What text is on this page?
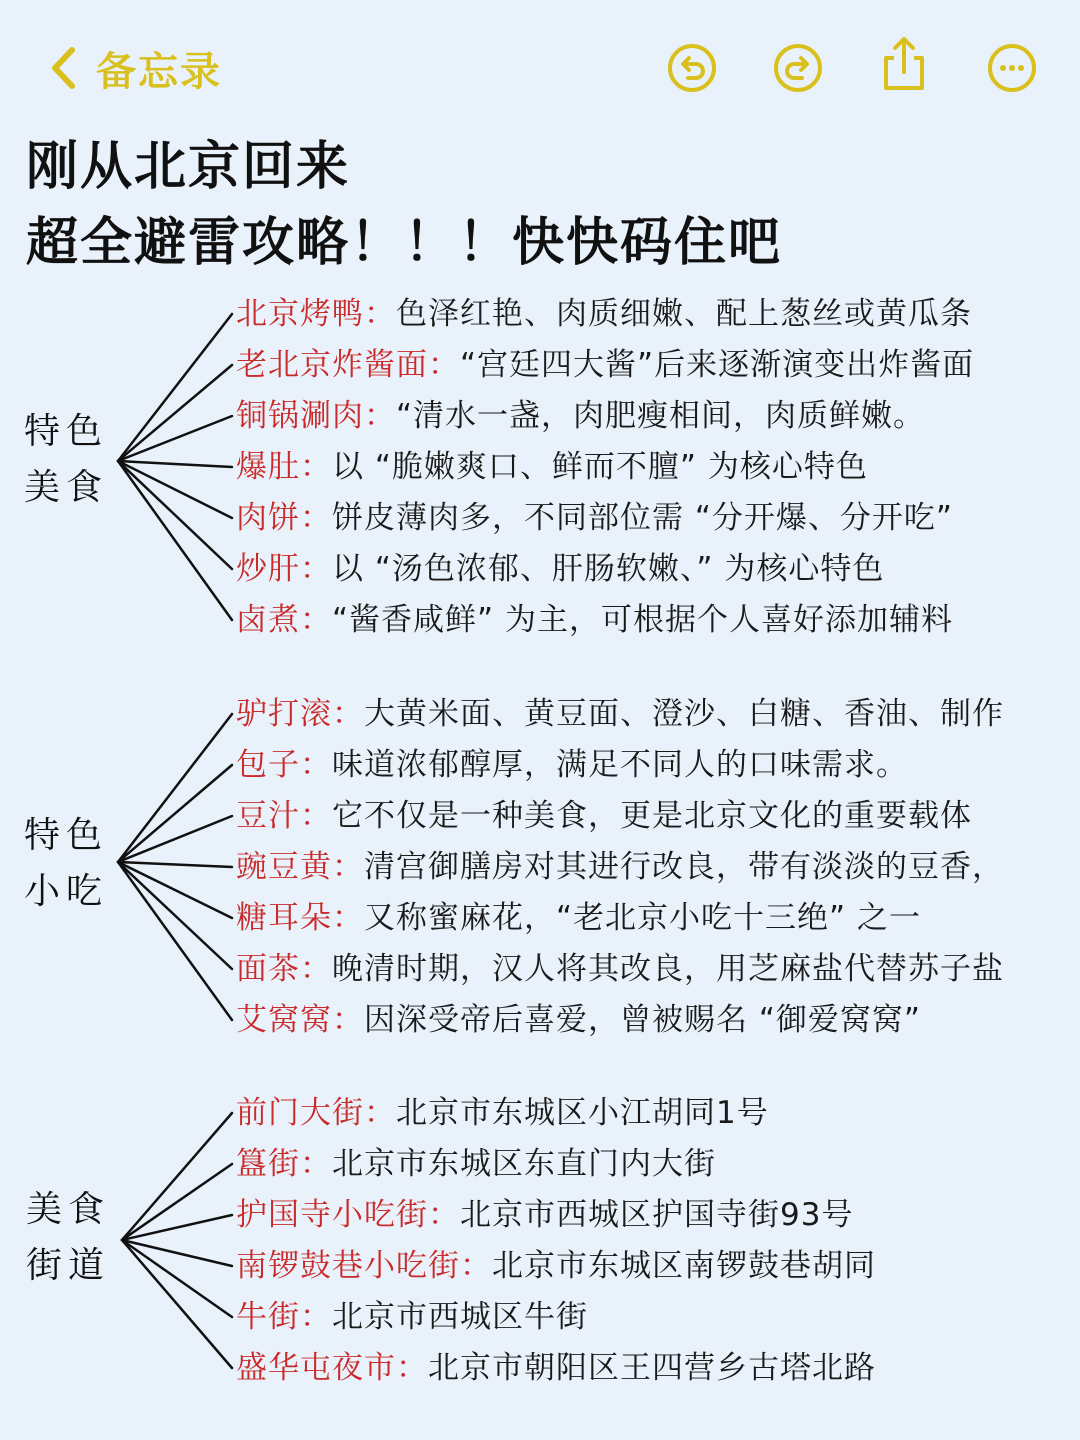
备忘录
刚从北京回来
超全避雷攻略！！！快快码住吧
特色
美食
北京烤鸭：色泽红艳、肉质细嫩、配上葱丝或黄瓜条
老北京炸酱面：“宫廷四大酱”后来逐渐演变出炸酱面
铜锅涮肉：“清水一盏，肉肥瘦相间，肉质鲜嫩。
爆肚：以 “脆嫩爽口、鲜而不膻” 为核心特色
肉饼：饼皮薄肉多，不同部位需 “分开爆、分开吃”
炒肝：以 “汤色浓郁、肝肠软嫩、” 为核心特色
卤煮：“酱香咸鲜” 为主，可根据个人喜好添加辅料
特色
小吃
驴打滚：大黄米面、黄豆面、澄沙、白糖、香油、制作
包子：味道浓郁醇厚，满足不同人的口味需求。
豆汁：它不仅是一种美食，更是北京文化的重要载体
豌豆黄：清宫御膳房对其进行改良，带有淡淡的豆香，
糖耳朵：又称蜜麻花，“老北京小吃十三绝” 之一
面茶：晚清时期，汉人将其改良，用芝麻盐代替苏子盐
艾窝窝：因深受帝后喜爱，曾被赐名 “御爱窝窝”
美食
街道
前门大街：北京市东城区小江胡同1号
簋街：北京市东城区东直门内大街
护国寺小吃街：北京市西城区护国寺街93号
南锣鼓巷小吃街：北京市东城区南锣鼓巷胡同
牛街：北京市西城区牛街
盛华屯夜市：北京市朝阳区王四营乡古塔北路
